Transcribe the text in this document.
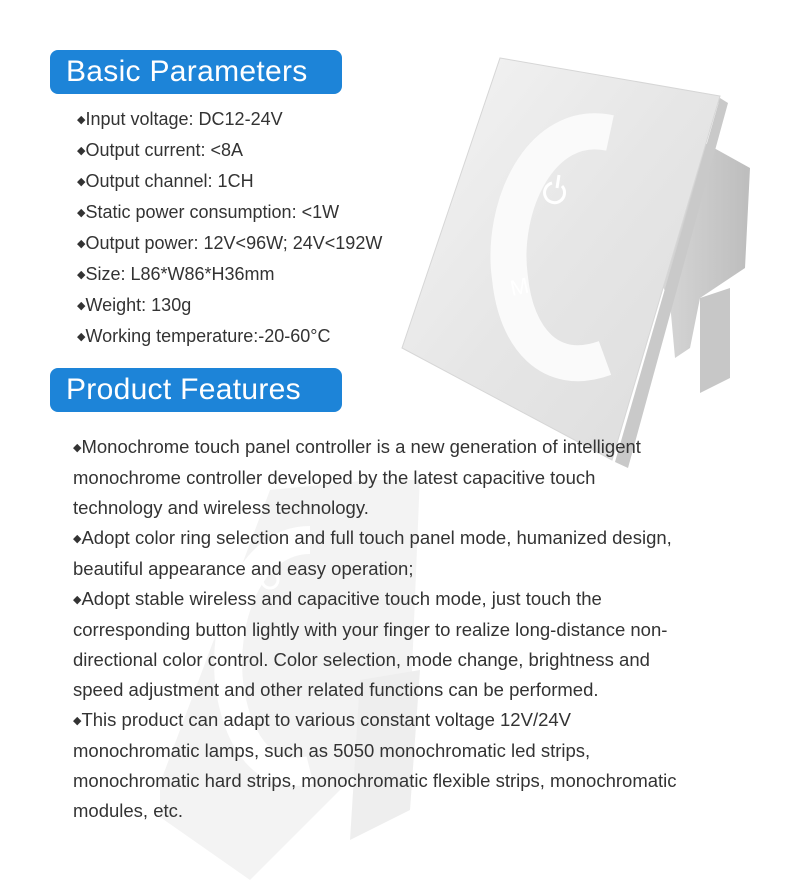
M
Basic Parameters
◆Input voltage: DC12-24V
◆Output current: <8A
◆Output channel: 1CH
◆Static power consumption: <1W
◆Output power: 12V<96W; 24V<192W
◆Size: L86*W86*H36mm
◆Weight: 130g
◆Working temperature:-20-60°C
Product Features

◆Monochrome touch panel controller is a new generation of intelligent monochrome controller developed by the latest capacitive touch technology and wireless technology.

◆Adopt color ring selection and full touch panel mode, humanized design, beautiful appearance and easy operation;

◆Adopt stable wireless and capacitive touch mode, just touch the corresponding button lightly with your finger to realize long-distance non-directional color control. Color selection, mode change, brightness and speed adjustment and other related functions can be performed.

◆This product can adapt to various constant voltage 12V/24V monochromatic lamps, such as 5050 monochromatic led strips, monochromatic hard strips, monochromatic flexible strips, monochromatic modules, etc.
